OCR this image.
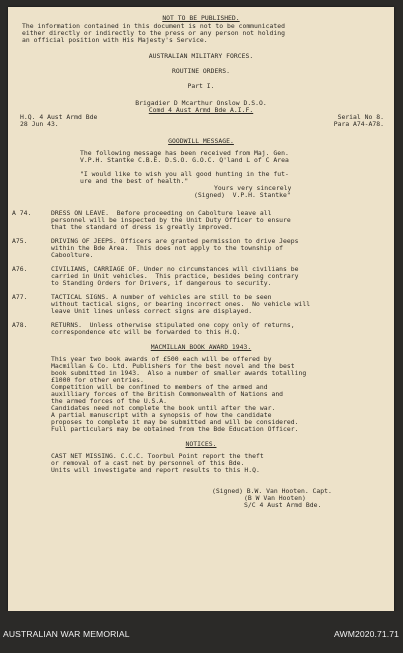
NOT TO BE PUBLISHED.
The information contained in this document is not to be communicated
either directly or indirectly to the press or any person not holding
an official position with His Majesty's Service.
AUSTRALIAN MILITARY FORCES.
ROUTINE ORDERS.
Part I.
Brigadier D Mcarthur Onslow D.S.O.
Comd 4 Aust Armd Bde A.I.F.
H.Q. 4 Aust Armd Bde
28 Jun 43.
Serial No 8.
Para A74-A78.
GOODWILL MESSAGE.
The following message has been received from Maj. Gen.
V.P.H. Stantke C.B.E. D.S.O. G.O.C. Q'land L of C Area
"I would like to wish you all good hunting in the fut-
ure and the best of health."
Yours very sincerely
(Signed)  V.P.H. Stantke"
A 74.	DRESS ON LEAVE.  Before proceeding on Cabolture leave all
personnel will be inspected by the Unit Duty Officer to ensure
that the standard of dress is greatly improved.
A75.	DRIVING OF JEEPS. Officers are granted permission to drive Jeeps
within the Bde Area.  This does not apply to the township of
Caboolture.
A76.	CIVILIANS, CARRIAGE OF. Under no circumstances will civilians be
carried in Unit vehicles.  This practice, besides being contrary
to Standing Orders for Drivers, if dangerous to security.
A77.	TACTICAL SIGNS. A number of vehicles are still to be seen
without tactical signs, or bearing incorrect ones.  No vehicle will
leave Unit lines unless correct signs are displayed.
A78.	RETURNS.  Unless otherwise stipulated one copy only of returns,
correspondence etc will be forwarded to this H.Q.
MACMILLAN BOOK AWARD 1943.
This year two book awards of £500 each will be offered by
Macmillan & Co. Ltd. Publishers for the best novel and the best
book submitted in 1943.  Also a number of smaller awards totalling
£1000 for other entries.
Competition will be confined to members of the armed and
auxilliary forces of the British Commonwealth of Nations and
the armed forces of the U.S.A.
Candidates need not complete the book until after the war.
A partial manuscript with a synopsis of how the candidate
proposes to complete it may be submitted and will be considered.
Full particulars may be obtained from the Bde Education Officer.
NOTICES.
CAST NET MISSING. C.C.C. Toorbul Point report the theft
or removal of a cast net by personnel of this Bde.
Units will investigate and report results to this H.Q.
(Signed) B.W. Van Hooten. Capt.
(B W Van Hooten)
S/C 4 Aust Armd Bde.
AUSTRALIAN WAR MEMORIAL	AWM2020.71.71
